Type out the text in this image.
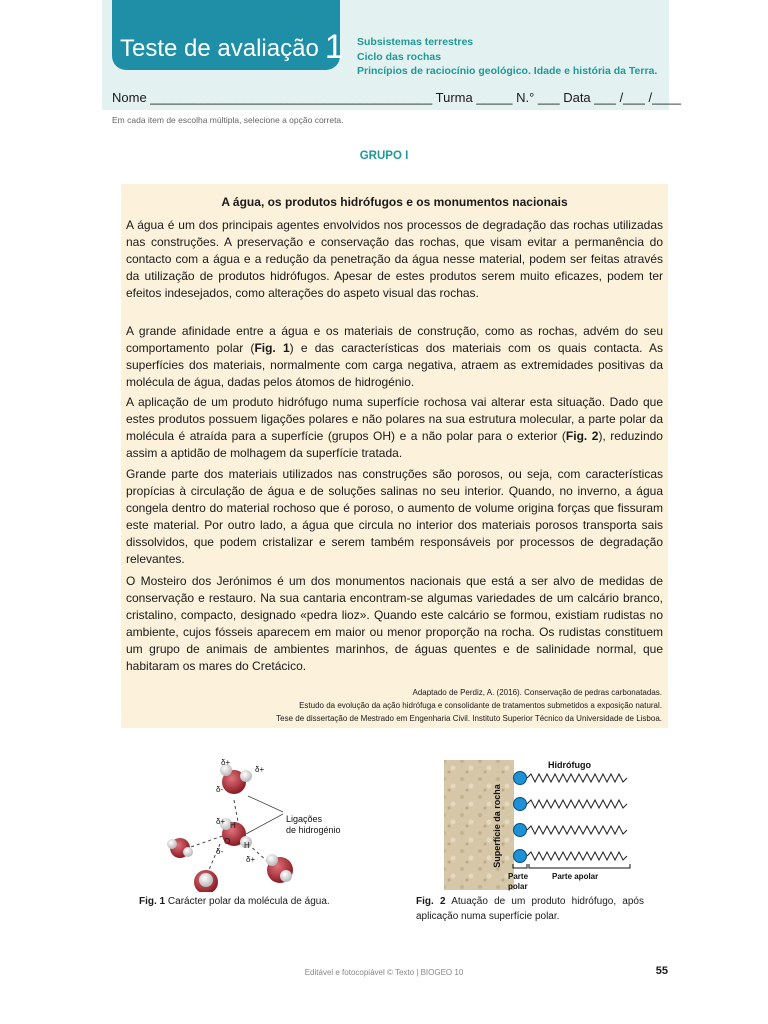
Teste de avaliação 1 Subsistemas terrestres
Ciclo das rochas
Princípios de raciocínio geológico. Idade e história da Terra.
Nome _______________________________________ Turma _____ N.° ___ Data ___ /___ /____
Em cada item de escolha múltipla, selecione a opção correta.
GRUPO I
A água, os produtos hidrófugos e os monumentos nacionais

A água é um dos principais agentes envolvidos nos processos de degradação das rochas utilizadas nas construções. A preservação e conservação das rochas, que visam evitar a permanência do contacto com a água e a redução da penetração da água nesse material, podem ser feitas através da utilização de produtos hidrófugos. Apesar de estes produtos serem muito eficazes, podem ter efeitos indesejados, como alterações do aspeto visual das rochas.

A grande afinidade entre a água e os materiais de construção, como as rochas, advém do seu comportamento polar (Fig. 1) e das características dos materiais com os quais contacta. As superfícies dos materiais, normalmente com carga negativa, atraem as extremidades positivas da molécula de água, dadas pelos átomos de hidrogénio.

A aplicação de um produto hidrófugo numa superfície rochosa vai alterar esta situação. Dado que estes produtos possuem ligações polares e não polares na sua estrutura molecular, a parte polar da molécula é atraída para a superfície (grupos OH) e a não polar para o exterior (Fig. 2), reduzindo assim a aptidão de molhagem da superfície tratada.

Grande parte dos materiais utilizados nas construções são porosos, ou seja, com características propícias à circulação de água e de soluções salinas no seu interior. Quando, no inverno, a água congela dentro do material rochoso que é poroso, o aumento de volume origina forças que fissuram este material. Por outro lado, a água que circula no interior dos materiais porosos transporta sais dissolvidos, que podem cristalizar e serem também responsáveis por processos de degradação relevantes.

O Mosteiro dos Jerónimos é um dos monumentos nacionais que está a ser alvo de medidas de conservação e restauro. Na sua cantaria encontram-se algumas variedades de um calcário branco, cristalino, compacto, designado «pedra lioz». Quando este calcário se formou, existiam rudistas no ambiente, cujos fósseis aparecem em maior ou menor proporção na rocha. Os rudistas constituem um grupo de animais de ambientes marinhos, de águas quentes e de salinidade normal, que habitaram os mares do Cretácico.

Adaptado de Perdiz, A. (2016). Conservação de pedras carbonatadas.
Estudo da evolução da ação hidrófuga e consolidante de tratamentos submetidos a exposição natural.
Tese de dissertação de Mestrado em Engenharia Civil. Instituto Superior Técnico da Universidade de Lisboa.
δ+
δ+
δ-
δ+ H
O H
δ-
δ+
Ligações
de hidrogénio
Fig. 1 Carácter polar da molécula de água.
Superfície da rocha
Hidrófugo
Parte
polar
Parte apolar
Fig. 2 Atuação de um produto hidrófugo, após aplicação numa superfície polar.
Editável e fotocopiável © Texto | BIOGEO 10	55
